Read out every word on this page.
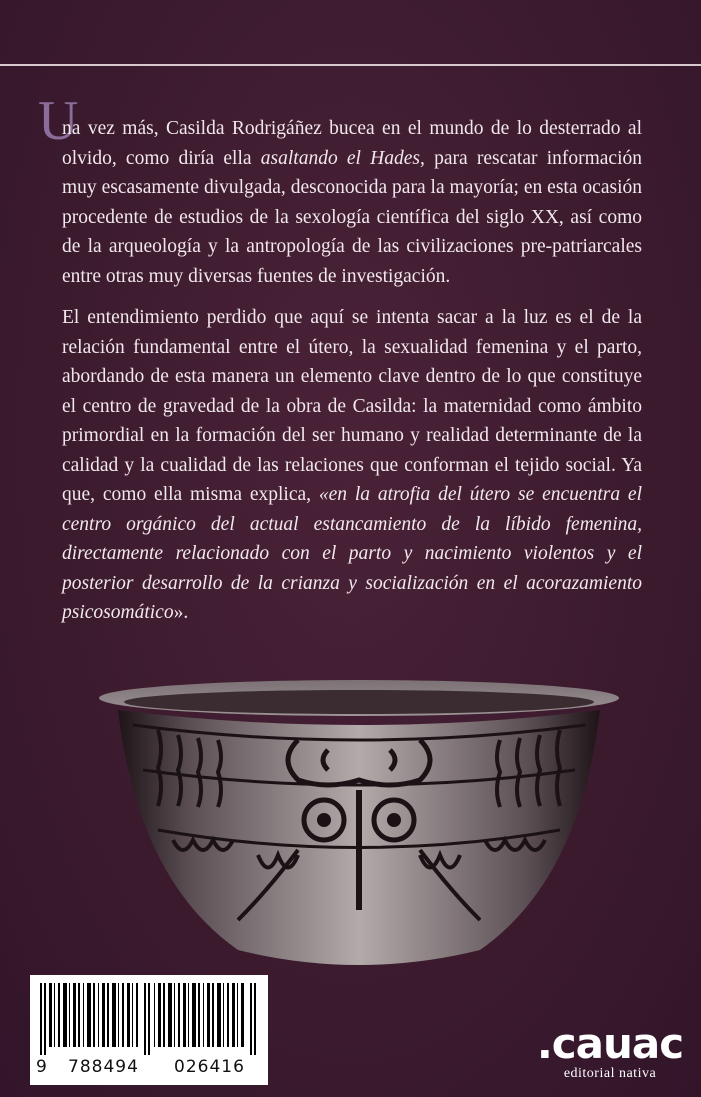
U
na vez más, Casilda Rodrigáñez bucea en el mundo de lo desterrado al olvido, como diría ella asaltando el Hades, para rescatar información muy escasamente divulgada, desconocida para la mayoría; en esta ocasión procedente de estudios de la sexología científica del siglo XX, así como de la arqueología y la antropología de las civilizaciones pre-patriarcales entre otras muy diversas fuentes de investigación.
El entendimiento perdido que aquí se intenta sacar a la luz es el de la relación fundamental entre el útero, la sexualidad femenina y el parto, abordando de esta manera un elemento clave dentro de lo que constituye el centro de gravedad de la obra de Casilda: la maternidad como ámbito primordial en la formación del ser humano y realidad determinante de la calidad y la cualidad de las relaciones que conforman el tejido social. Ya que, como ella misma explica, «en la atrofia del útero se encuentra el centro orgánico del actual estancamiento de la líbido femenina, directamente relacionado con el parto y nacimiento violentos y el posterior desarrollo de la crianza y socialización en el acorazamiento psicosomático».
9 788494 026416	.cauac
editorial nativa
